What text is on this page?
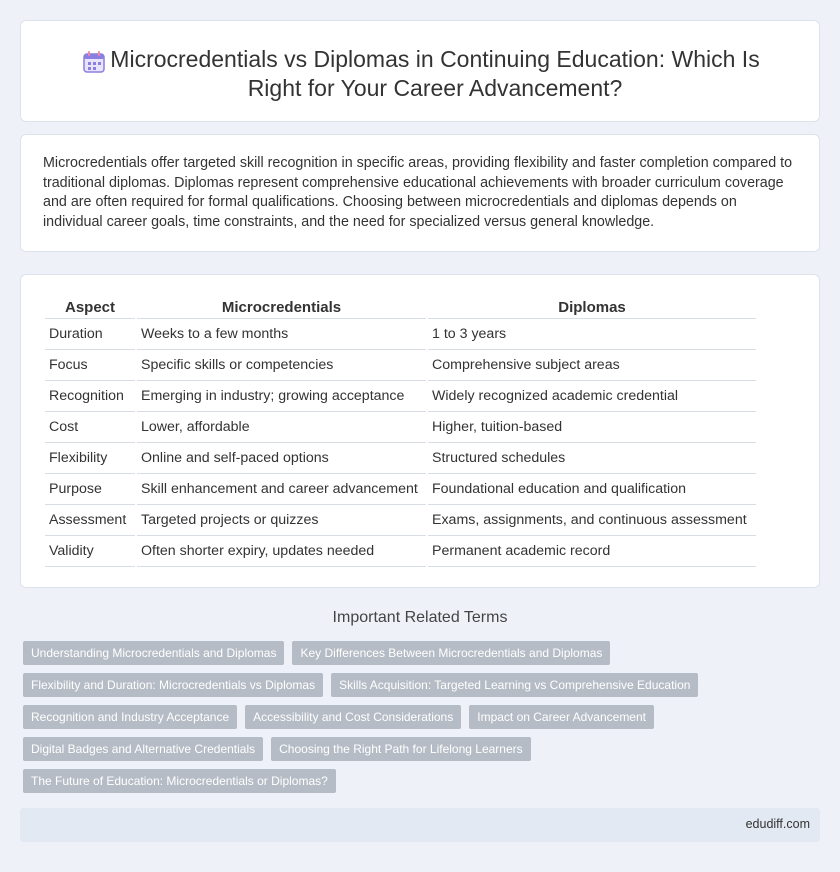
Microcredentials vs Diplomas in Continuing Education: Which Is Right for Your Career Advancement?

Microcredentials offer targeted skill recognition in specific areas, providing flexibility and faster completion compared to traditional diplomas. Diplomas represent comprehensive educational achievements with broader curriculum coverage and are often required for formal qualifications. Choosing between microcredentials and diplomas depends on individual career goals, time constraints, and the need for specialized versus general knowledge.

Aspect	Microcredentials	Diplomas
Duration	Weeks to a few months	1 to 3 years
Focus	Specific skills or competencies	Comprehensive subject areas
Recognition	Emerging in industry; growing acceptance	Widely recognized academic credential
Cost	Lower, affordable	Higher, tuition-based
Flexibility	Online and self-paced options	Structured schedules
Purpose	Skill enhancement and career advancement	Foundational education and qualification
Assessment	Targeted projects or quizzes	Exams, assignments, and continuous assessment
Validity	Often shorter expiry, updates needed	Permanent academic record
Important Related Terms
Understanding Microcredentials and Diplomas	Key Differences Between Microcredentials and Diplomas
Flexibility and Duration: Microcredentials vs Diplomas	Skills Acquisition: Targeted Learning vs Comprehensive Education
Recognition and Industry Acceptance	Accessibility and Cost Considerations	Impact on Career Advancement
Digital Badges and Alternative Credentials	Choosing the Right Path for Lifelong Learners
The Future of Education: Microcredentials or Diplomas?
edudiff.com
